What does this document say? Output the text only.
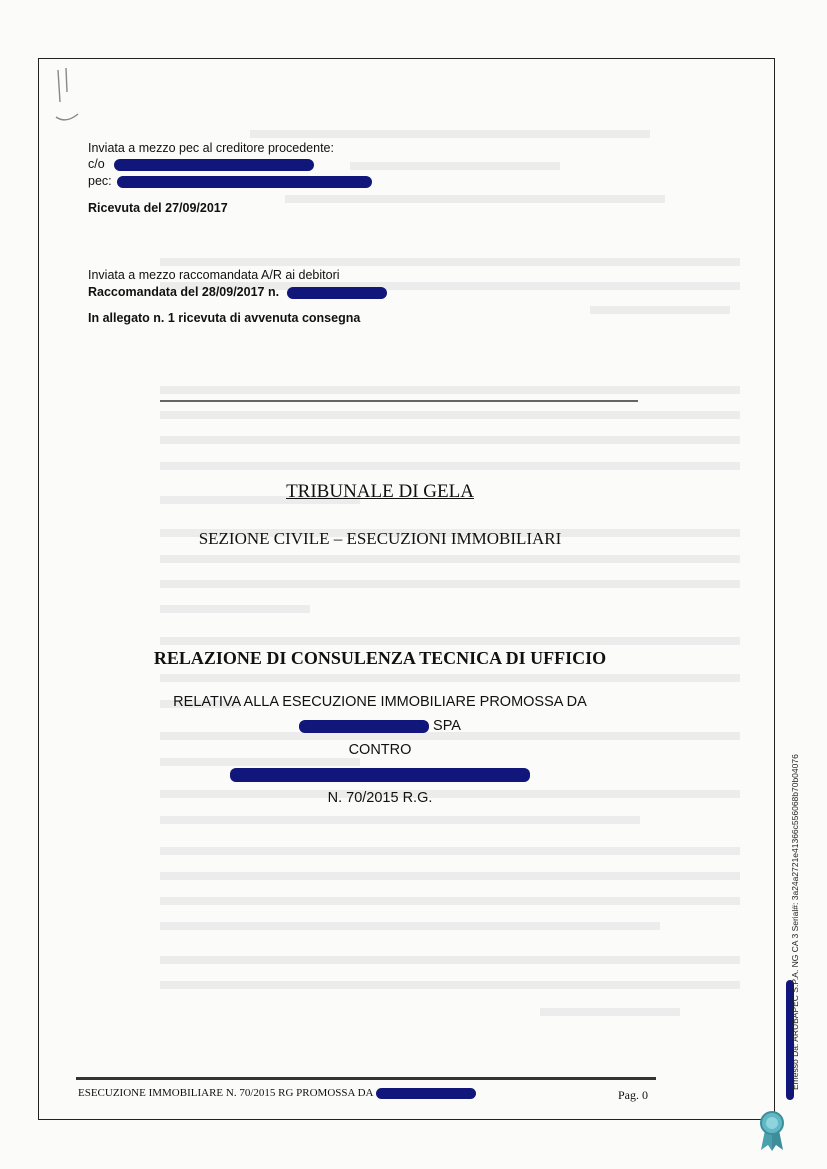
Inviata a mezzo pec al creditore procedente:
c/o
pec:
Ricevuta del 27/09/2017
Inviata a mezzo raccomandata A/R ai debitori
Raccomandata del 28/09/2017 n.
In allegato n. 1 ricevuta di avvenuta consegna
TRIBUNALE DI GELA
SEZIONE CIVILE – ESECUZIONI IMMOBILIARI
RELAZIONE DI CONSULENZA TECNICA DI UFFICIO
RELATIVA ALLA ESECUZIONE IMMOBILIARE PROMOSSA DA
SPA
CONTRO
N. 70/2015 R.G.
ESECUZIONE IMMOBILIARE N. 70/2015 RG PROMOSSA DA	Pag. 0
Emesso Da: ARUBAPEC S.P.A. NG CA 3 Serial#: 3a24a2721e41366c556068b70b04076
